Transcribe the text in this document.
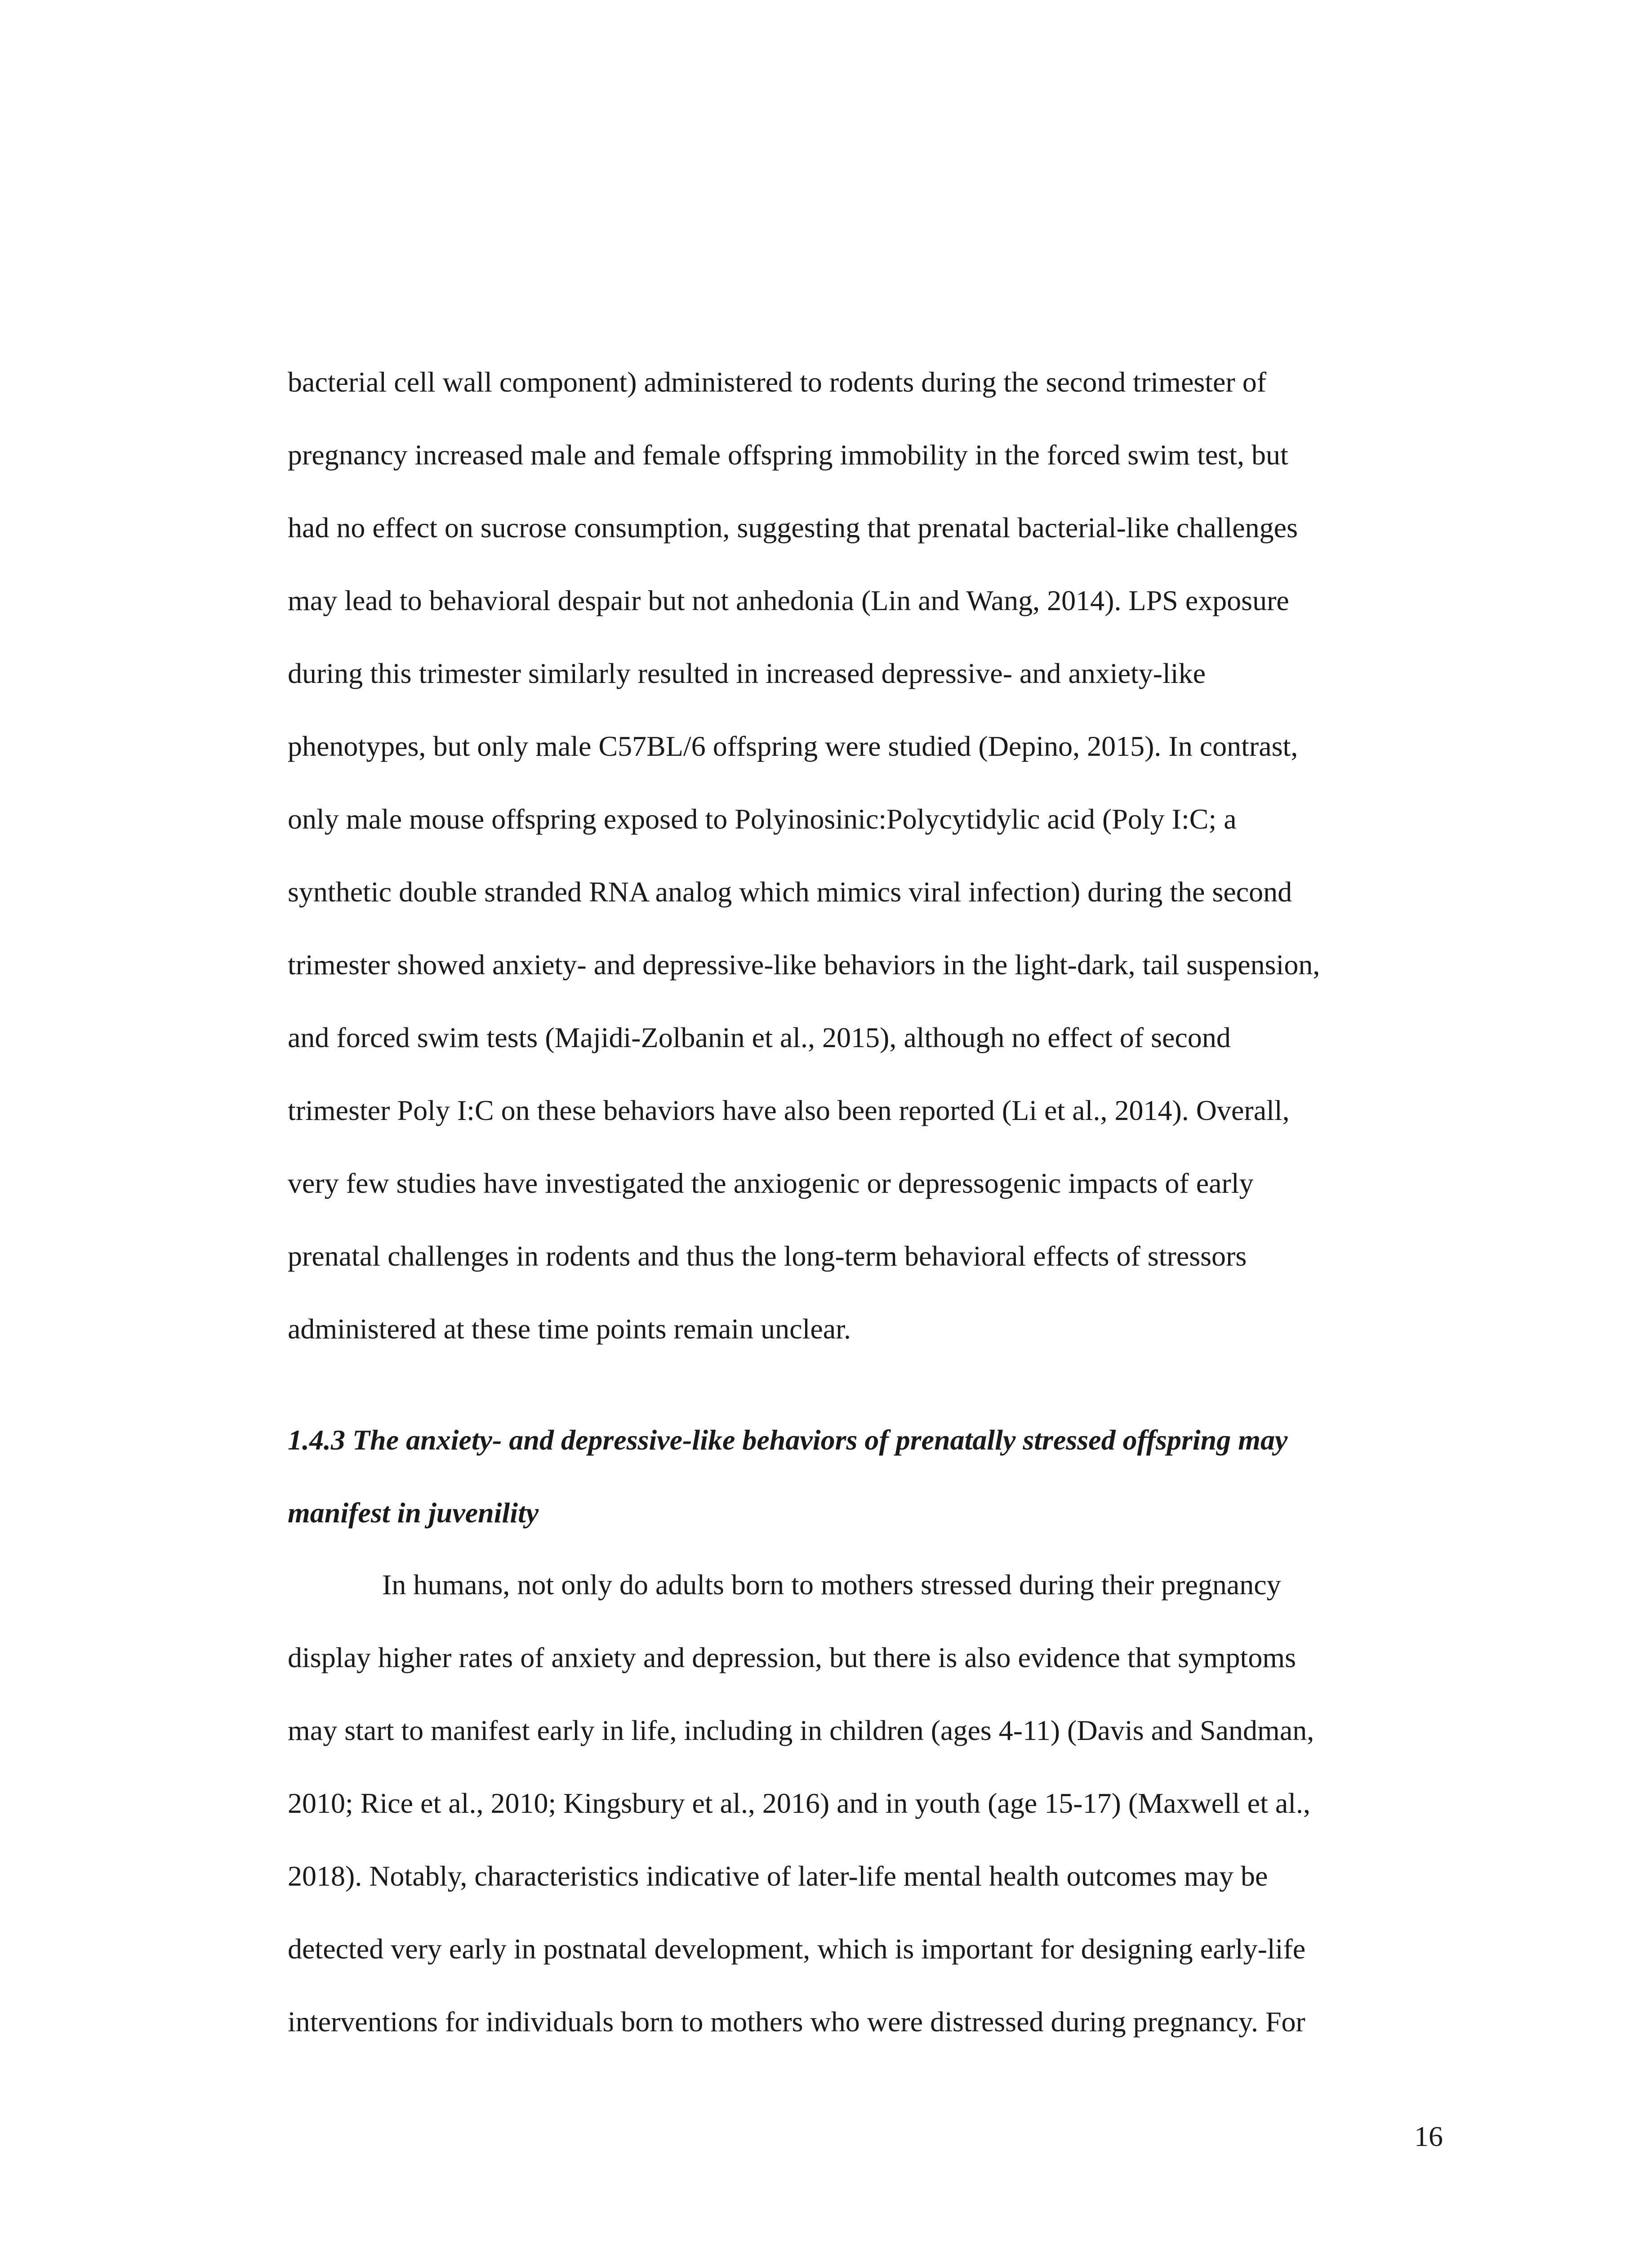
bacterial cell wall component) administered to rodents during the second trimester of
pregnancy increased male and female offspring immobility in the forced swim test, but
had no effect on sucrose consumption, suggesting that prenatal bacterial-like challenges
may lead to behavioral despair but not anhedonia (Lin and Wang, 2014). LPS exposure
during this trimester similarly resulted in increased depressive- and anxiety-like
phenotypes, but only male C57BL/6 offspring were studied (Depino, 2015). In contrast,
only male mouse offspring exposed to Polyinosinic:Polycytidylic acid (Poly I:C; a
synthetic double stranded RNA analog which mimics viral infection) during the second
trimester showed anxiety- and depressive-like behaviors in the light-dark, tail suspension,
and forced swim tests (Majidi-Zolbanin et al., 2015), although no effect of second
trimester Poly I:C on these behaviors have also been reported (Li et al., 2014). Overall,
very few studies have investigated the anxiogenic or depressogenic impacts of early
prenatal challenges in rodents and thus the long-term behavioral effects of stressors
administered at these time points remain unclear.
1.4.3 The anxiety- and depressive-like behaviors of prenatally stressed offspring may
manifest in juvenility
In humans, not only do adults born to mothers stressed during their pregnancy
display higher rates of anxiety and depression, but there is also evidence that symptoms
may start to manifest early in life, including in children (ages 4-11) (Davis and Sandman,
2010; Rice et al., 2010; Kingsbury et al., 2016) and in youth (age 15-17) (Maxwell et al.,
2018). Notably, characteristics indicative of later-life mental health outcomes may be
detected very early in postnatal development, which is important for designing early-life
interventions for individuals born to mothers who were distressed during pregnancy. For
16
